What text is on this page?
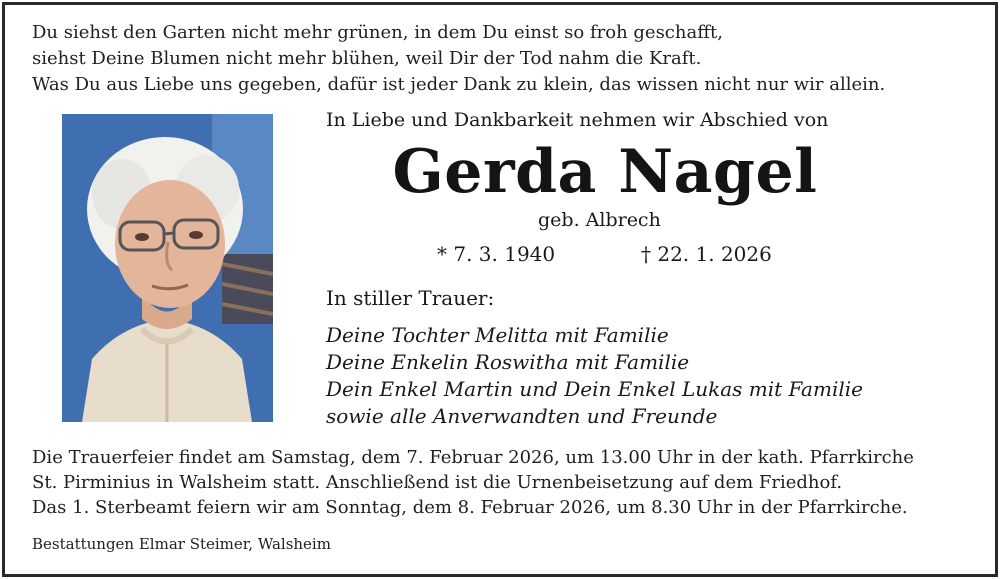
Du siehst den Garten nicht mehr grünen, in dem Du einst so froh geschafft,
siehst Deine Blumen nicht mehr blühen, weil Dir der Tod nahm die Kraft.
Was Du aus Liebe uns gegeben, dafür ist jeder Dank zu klein, das wissen nicht nur wir allein.
In Liebe und Dankbarkeit nehmen wir Abschied von
Gerda Nagel
geb. Albrech
* 7. 3. 1940	† 22. 1. 2026
In stiller Trauer:
Deine Tochter Melitta mit Familie
Deine Enkelin Roswitha mit Familie
Dein Enkel Martin und Dein Enkel Lukas mit Familie
sowie alle Anverwandten und Freunde
Die Trauerfeier findet am Samstag, dem 7. Februar 2026, um 13.00 Uhr in der kath. Pfarrkirche
St. Pirminius in Walsheim statt. Anschließend ist die Urnenbeisetzung auf dem Friedhof.
Das 1. Sterbeamt feiern wir am Sonntag, dem 8. Februar 2026, um 8.30 Uhr in der Pfarrkirche.
Bestattungen Elmar Steimer, Walsheim
